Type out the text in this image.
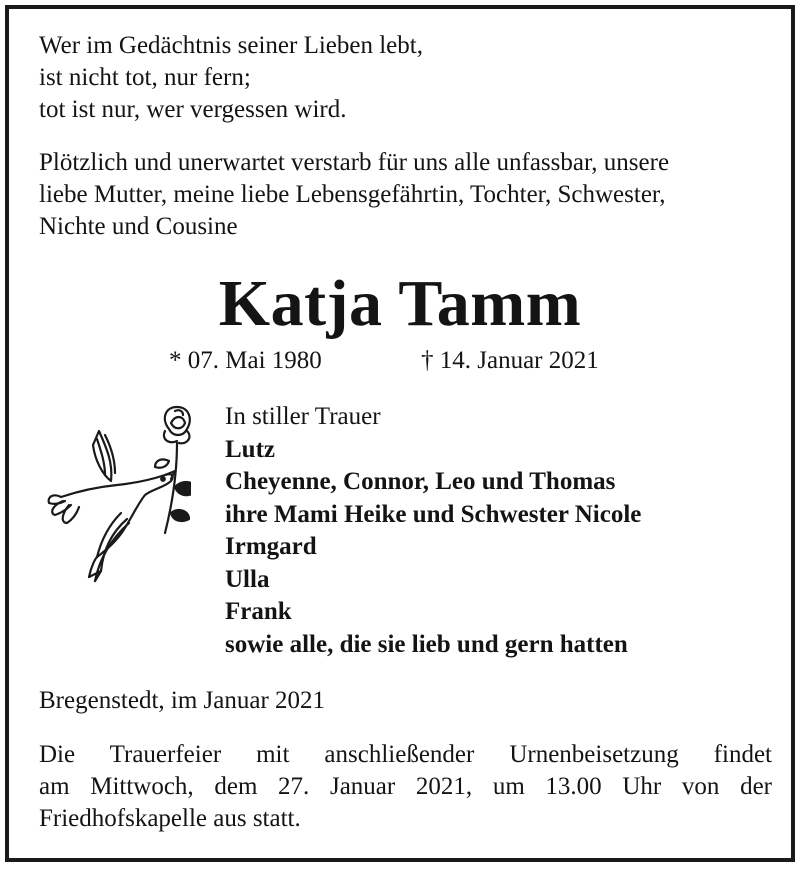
Wer im Gedächtnis seiner Lieben lebt,
ist nicht tot, nur fern;
tot ist nur, wer vergessen wird.
Plötzlich und unerwartet verstarb für uns alle unfassbar, unsere
liebe Mutter, meine liebe Lebensgefährtin, Tochter, Schwester,
Nichte und Cousine
Katja Tamm
* 07. Mai 1980	† 14. Januar 2021
In stiller Trauer
Lutz
Cheyenne, Connor, Leo und Thomas
ihre Mami Heike und Schwester Nicole
Irmgard
Ulla
Frank
sowie alle, die sie lieb und gern hatten
Bregenstedt, im Januar 2021
Die Trauerfeier mit anschließender Urnenbeisetzung findet
am Mittwoch, dem 27. Januar 2021, um 13.00 Uhr von der
Friedhofskapelle aus statt.
